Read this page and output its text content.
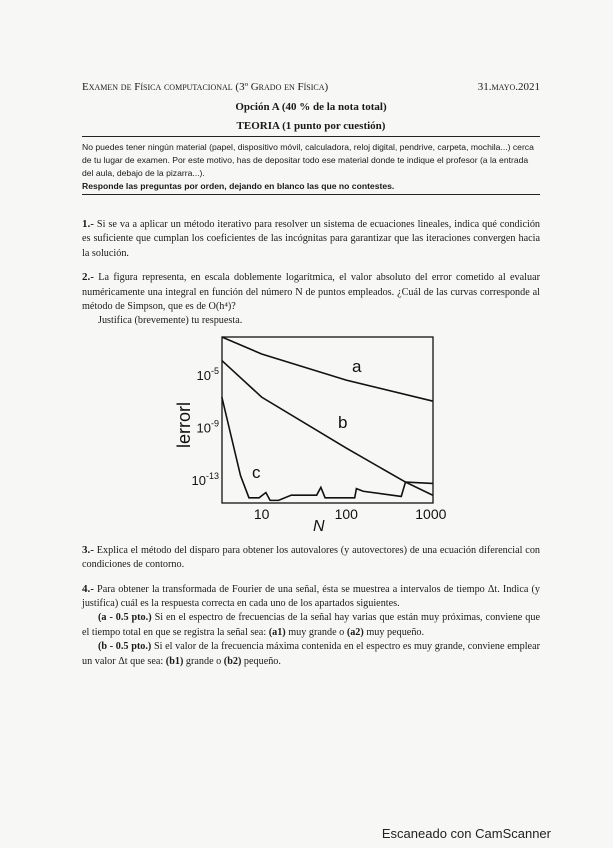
Examen de Física computacional (3º Grado en Física)	31.mayo.2021
Opción A (40 % de la nota total)
TEORIA (1 punto por cuestión)
No puedes tener ningún material (papel, dispositivo móvil, calculadora, reloj digital, pendrive, carpeta, mochila...) cerca de tu lugar de examen. Por este motivo, has de depositar todo ese material donde te indique el profesor (a la entrada del aula, debajo de la pizarra...).
Responde las preguntas por orden, dejando en blanco las que no contestes.
1.- Si se va a aplicar un método iterativo para resolver un sistema de ecuaciones lineales, indica qué condición es suficiente que cumplan los coeficientes de las incógnitas para garantizar que las iteraciones convergen hacia la solución.
2.- La figura representa, en escala doblemente logarítmica, el valor absoluto del error cometido al evaluar numéricamente una integral en función del número N de puntos empleados. ¿Cuál de las curvas corresponde al método de Simpson, que es de O(h⁴)?
Justifica (brevemente) tu respuesta.
10	100	1000
$10^{-5}$
$10^{-9}$
$10^{-13}$
a
b
c
lerrorl
N
3.- Explica el método del disparo para obtener los autovalores (y autovectores) de una ecuación diferencial con condiciones de contorno.
4.- Para obtener la transformada de Fourier de una señal, ésta se muestrea a intervalos de tiempo Δt. Indica (y justifica) cuál es la respuesta correcta en cada uno de los apartados siguientes.
(a - 0.5 pto.) Si en el espectro de frecuencias de la señal hay varias que están muy próximas, conviene que el tiempo total en que se registra la señal sea: (a1) muy grande o (a2) muy pequeño.
(b - 0.5 pto.) Si el valor de la frecuencia máxima contenida en el espectro es muy grande, conviene emplear un valor Δt que sea: (b1) grande o (b2) pequeño.
Escaneado con CamScanner
